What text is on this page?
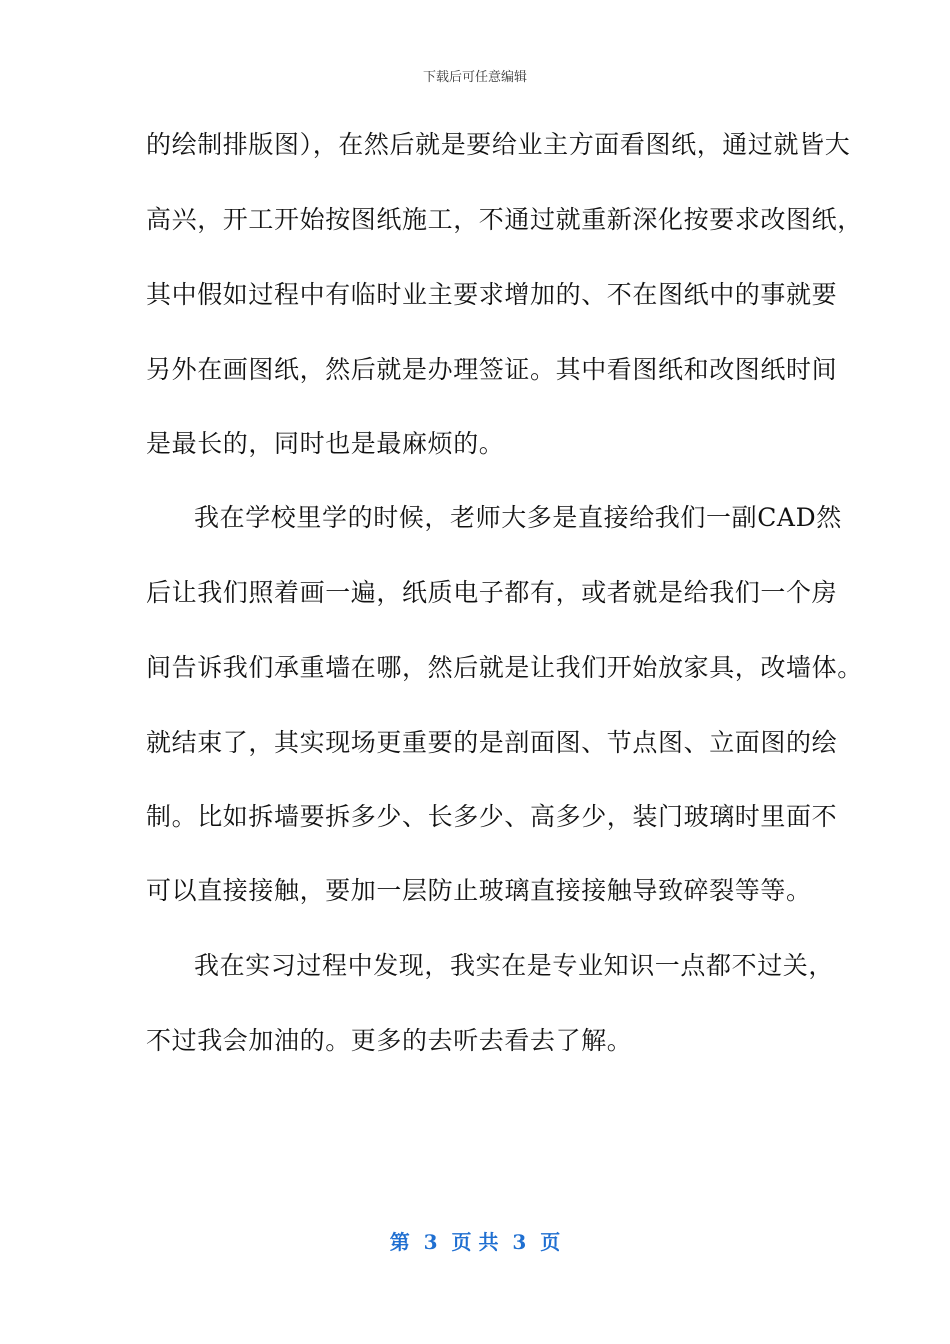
下载后可任意编辑
的绘制排版图），在然后就是要给业主方面看图纸，通过就皆大
高兴，开工开始按图纸施工，不通过就重新深化按要求改图纸，
其中假如过程中有临时业主要求增加的、不在图纸中的事就要
另外在画图纸，然后就是办理签证。其中看图纸和改图纸时间
是最长的，同时也是最麻烦的。
我在学校里学的时候，老师大多是直接给我们一副CAD然
后让我们照着画一遍，纸质电子都有，或者就是给我们一个房
间告诉我们承重墙在哪，然后就是让我们开始放家具，改墙体。
就结束了，其实现场更重要的是剖面图、节点图、立面图的绘
制。比如拆墙要拆多少、长多少、高多少，装门玻璃时里面不
可以直接接触，要加一层防止玻璃直接接触导致碎裂等等。
我在实习过程中发现，我实在是专业知识一点都不过关，
不过我会加油的。更多的去听去看去了解。
第  3  页 共  3  页
